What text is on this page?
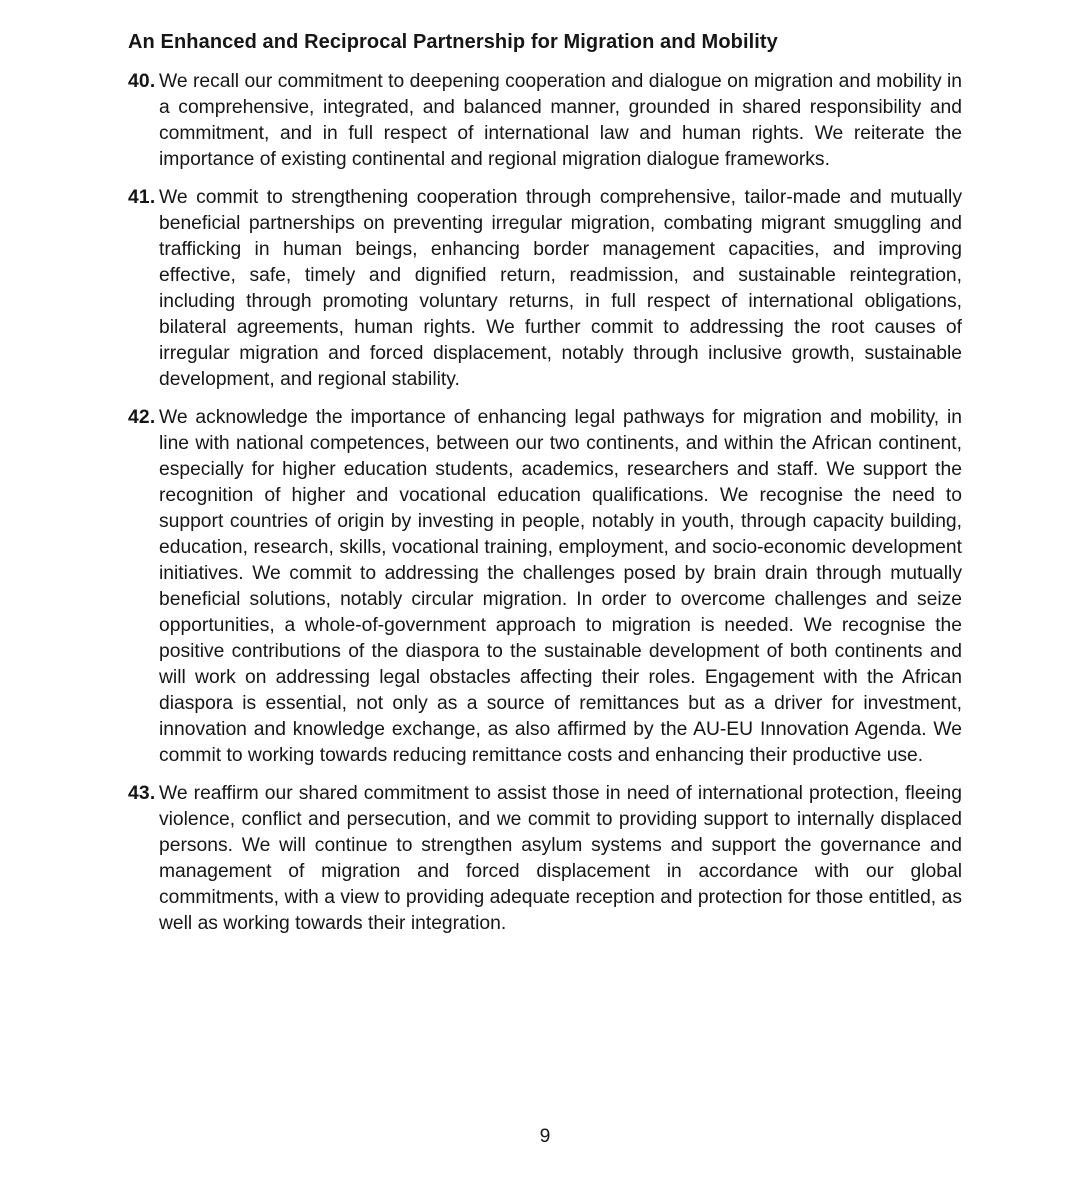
An Enhanced and Reciprocal Partnership for Migration and Mobility
40. We recall our commitment to deepening cooperation and dialogue on migration and mobility in a comprehensive, integrated, and balanced manner, grounded in shared responsibility and commitment, and in full respect of international law and human rights. We reiterate the importance of existing continental and regional migration dialogue frameworks.
41. We commit to strengthening cooperation through comprehensive, tailor-made and mutually beneficial partnerships on preventing irregular migration, combating migrant smuggling and trafficking in human beings, enhancing border management capacities, and improving effective, safe, timely and dignified return, readmission, and sustainable reintegration, including through promoting voluntary returns, in full respect of international obligations, bilateral agreements, human rights. We further commit to addressing the root causes of irregular migration and forced displacement, notably through inclusive growth, sustainable development, and regional stability.
42. We acknowledge the importance of enhancing legal pathways for migration and mobility, in line with national competences, between our two continents, and within the African continent, especially for higher education students, academics, researchers and staff. We support the recognition of higher and vocational education qualifications. We recognise the need to support countries of origin by investing in people, notably in youth, through capacity building, education, research, skills, vocational training, employment, and socio-economic development initiatives. We commit to addressing the challenges posed by brain drain through mutually beneficial solutions, notably circular migration. In order to overcome challenges and seize opportunities, a whole-of-government approach to migration is needed. We recognise the positive contributions of the diaspora to the sustainable development of both continents and will work on addressing legal obstacles affecting their roles. Engagement with the African diaspora is essential, not only as a source of remittances but as a driver for investment, innovation and knowledge exchange, as also affirmed by the AU-EU Innovation Agenda. We commit to working towards reducing remittance costs and enhancing their productive use.
43. We reaffirm our shared commitment to assist those in need of international protection, fleeing violence, conflict and persecution, and we commit to providing support to internally displaced persons. We will continue to strengthen asylum systems and support the governance and management of migration and forced displacement in accordance with our global commitments, with a view to providing adequate reception and protection for those entitled, as well as working towards their integration.
9
